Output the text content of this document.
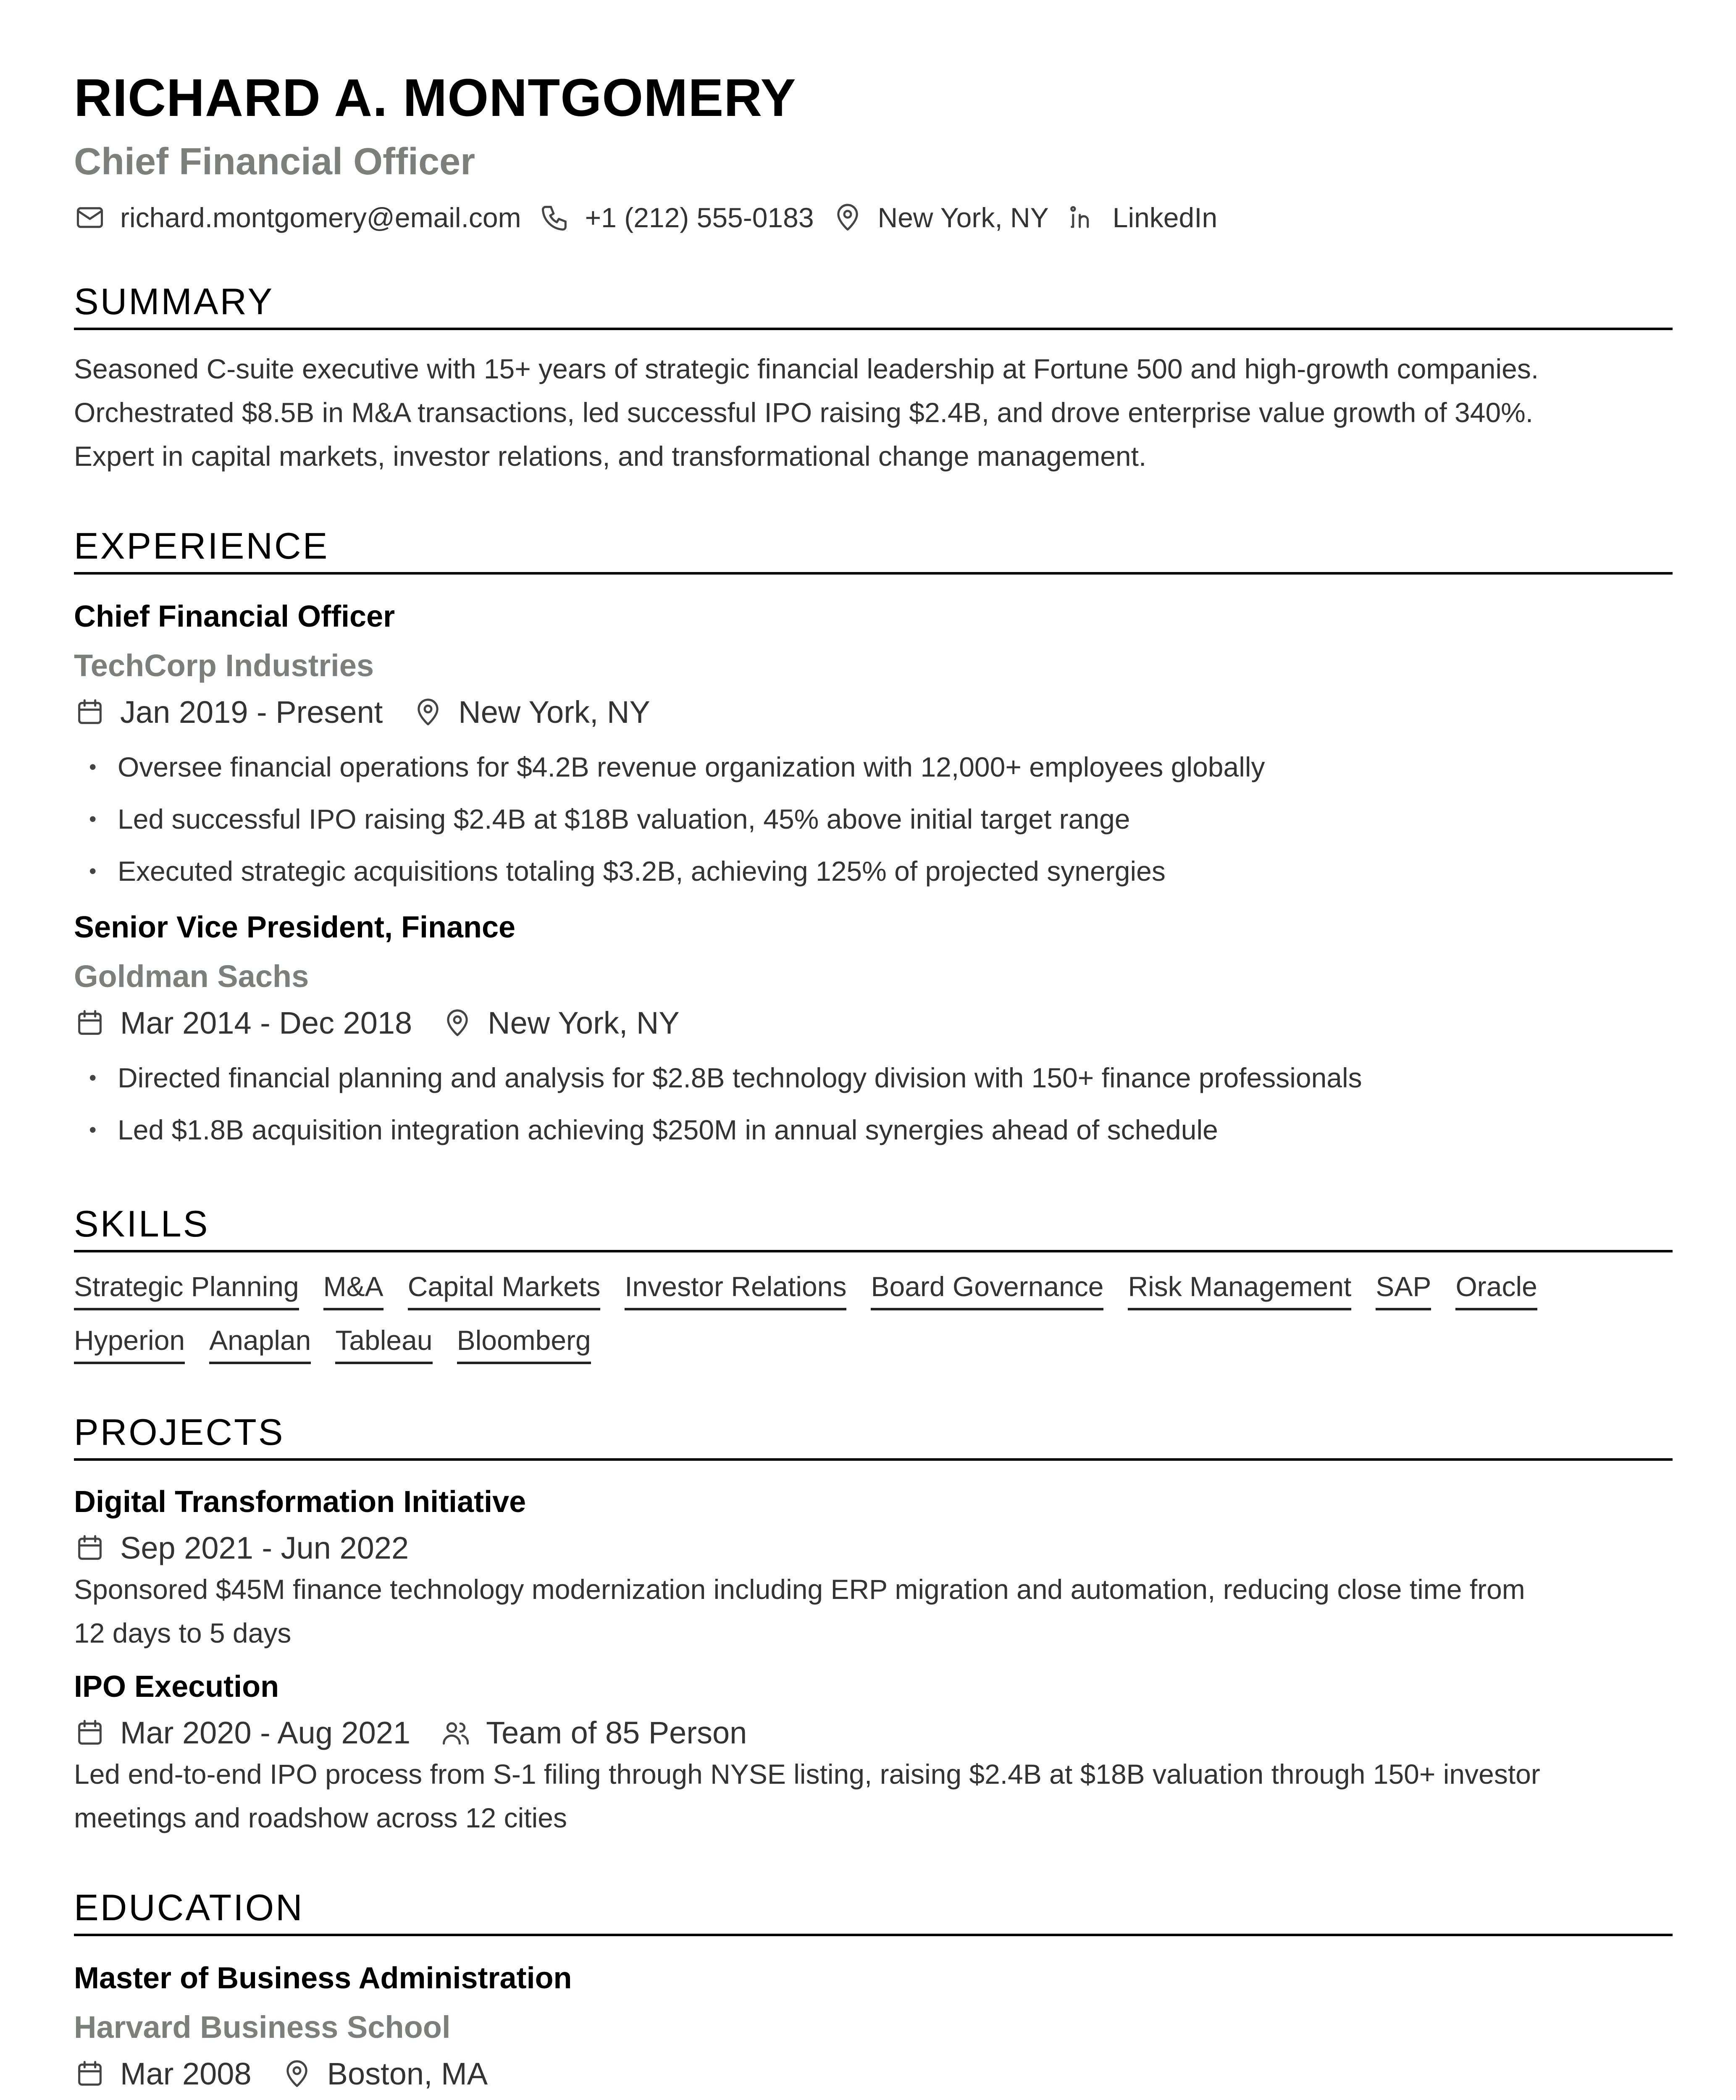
RICHARD A. MONTGOMERY
Chief Financial Officer
richard.montgomery@email.com +1 (212) 555-0183 New York, NY LinkedIn
SUMMARY
Seasoned C-suite executive with 15+ years of strategic financial leadership at Fortune 500 and high-growth companies.
Orchestrated $8.5B in M&A transactions, led successful IPO raising $2.4B, and drove enterprise value growth of 340%.
Expert in capital markets, investor relations, and transformational change management.
EXPERIENCE
Chief Financial Officer
TechCorp Industries
Jan 2019 - Present New York, NY
• Oversee financial operations for $4.2B revenue organization with 12,000+ employees globally
• Led successful IPO raising $2.4B at $18B valuation, 45% above initial target range
• Executed strategic acquisitions totaling $3.2B, achieving 125% of projected synergies
Senior Vice President, Finance
Goldman Sachs
Mar 2014 - Dec 2018 New York, NY
• Directed financial planning and analysis for $2.8B technology division with 150+ finance professionals
• Led $1.8B acquisition integration achieving $250M in annual synergies ahead of schedule
SKILLS
Strategic Planning M&A Capital Markets Investor Relations Board Governance Risk Management SAP Oracle
Hyperion Anaplan Tableau Bloomberg
PROJECTS
Digital Transformation Initiative
Sep 2021 - Jun 2022
Sponsored $45M finance technology modernization including ERP migration and automation, reducing close time from
12 days to 5 days
IPO Execution
Mar 2020 - Aug 2021 Team of 85 Person
Led end-to-end IPO process from S-1 filing through NYSE listing, raising $2.4B at $18B valuation through 150+ investor
meetings and roadshow across 12 cities
EDUCATION
Master of Business Administration
Harvard Business School
Mar 2008 Boston, MA
